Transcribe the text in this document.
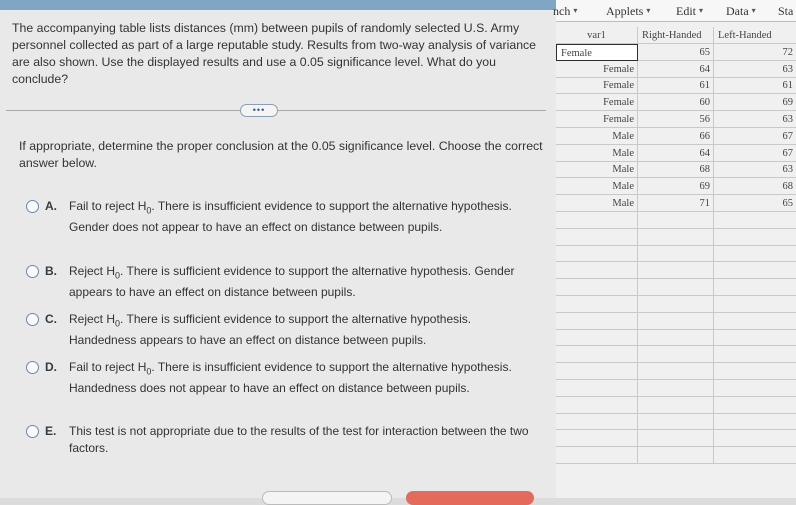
The accompanying table lists distances (mm) between pupils of randomly selected U.S. Army personnel collected as part of a large reputable study. Results from two-way analysis of variance are also shown. Use the displayed results and use a 0.05 significance level. What do you conclude?

•••

If appropriate, determine the proper conclusion at the 0.05 significance level. Choose the correct answer below.

A. Fail to reject $H_0$. There is insufficient evidence to support the alternative hypothesis. Gender does not appear to have an effect on distance between pupils.
B. Reject $H_0$. There is sufficient evidence to support the alternative hypothesis. Gender appears to have an effect on distance between pupils.
C. Reject $H_0$. There is sufficient evidence to support the alternative hypothesis. Handedness appears to have an effect on distance between pupils.
D. Fail to reject $H_0$. There is insufficient evidence to support the alternative hypothesis. Handedness does not appear to have an effect on distance between pupils.
E. This test is not appropriate due to the results of the test for interaction between the two factors.
nch ▾ Applets ▾ Edit ▾ Data ▾ Sta
var1	Right-Handed	Left-Handed
Female	65	72
Female	64	63
Female	61	61
Female	60	69
Female	56	63
Male	66	67
Male	64	67
Male	68	63
Male	69	68
Male	71	65
